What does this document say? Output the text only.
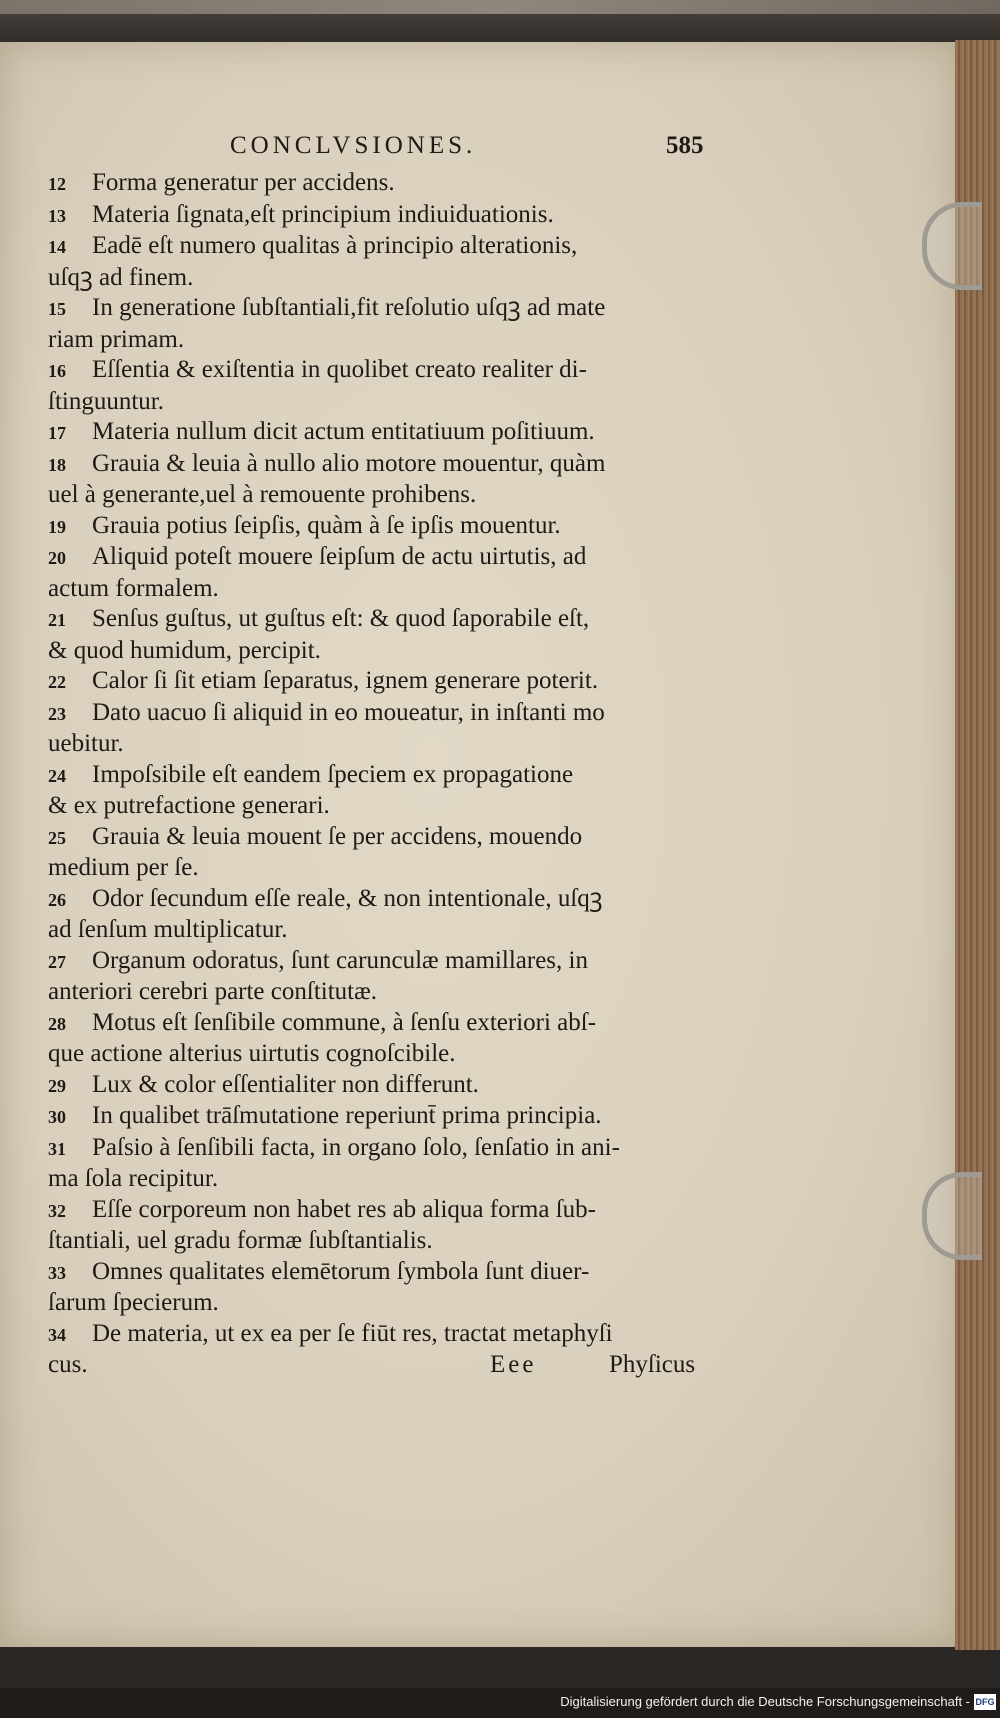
CONCLVSIONES.	585
12 Forma generatur per accidens.
13 Materia ſignata,eſt principium indiuiduationis.
14 Eadē eſt numero qualitas à principio alterationis,
uſqꝫ ad finem.
15 In generatione ſubſtantiali,fit reſolutio uſqꝫ ad mate
riam primam.
16 Eſſentia & exiſtentia in quolibet creato realiter di-
ſtinguuntur.
17 Materia nullum dicit actum entitatiuum poſitiuum.
18 Grauia & leuia à nullo alio motore mouentur, quàm
uel à generante,uel à remouente prohibens.
19 Grauia potius ſeipſis, quàm à ſe ipſis mouentur.
20 Aliquid poteſt mouere ſeipſum de actu uirtutis, ad
actum formalem.
21 Senſus guſtus, ut guſtus eſt: & quod ſaporabile eſt,
& quod humidum, percipit.
22 Calor ſi ſit etiam ſeparatus, ignem generare poterit.
23 Dato uacuo ſi aliquid in eo moueatur, in inſtanti mo
uebitur.
24 Impoſsibile eſt eandem ſpeciem ex propagatione
& ex putrefactione generari.
25 Grauia & leuia mouent ſe per accidens, mouendo
medium per ſe.
26 Odor ſecundum eſſe reale, & non intentionale, uſqꝫ
ad ſenſum multiplicatur.
27 Organum odoratus, ſunt carunculæ mamillares, in
anteriori cerebri parte conſtitutæ.
28 Motus eſt ſenſibile commune, à ſenſu exteriori abſ-
que actione alterius uirtutis cognoſcibile.
29 Lux & color eſſentialiter non differunt.
30 In qualibet trāſmutatione reperiunt̄ prima principia.
31 Paſsio à ſenſibili facta, in organo ſolo, ſenſatio in ani-
ma ſola recipitur.
32 Eſſe corporeum non habet res ab aliqua forma ſub-
ſtantiali, uel gradu formæ ſubſtantialis.
33 Omnes qualitates elemētorum ſymbola ſunt diuer-
ſarum ſpecierum.
34 De materia, ut ex ea per ſe fiūt res, tractat metaphyſi
cus.	Eee	Phyſicus
Digitalisierung gefördert durch die Deutsche Forschungsgemeinschaft - DFG
